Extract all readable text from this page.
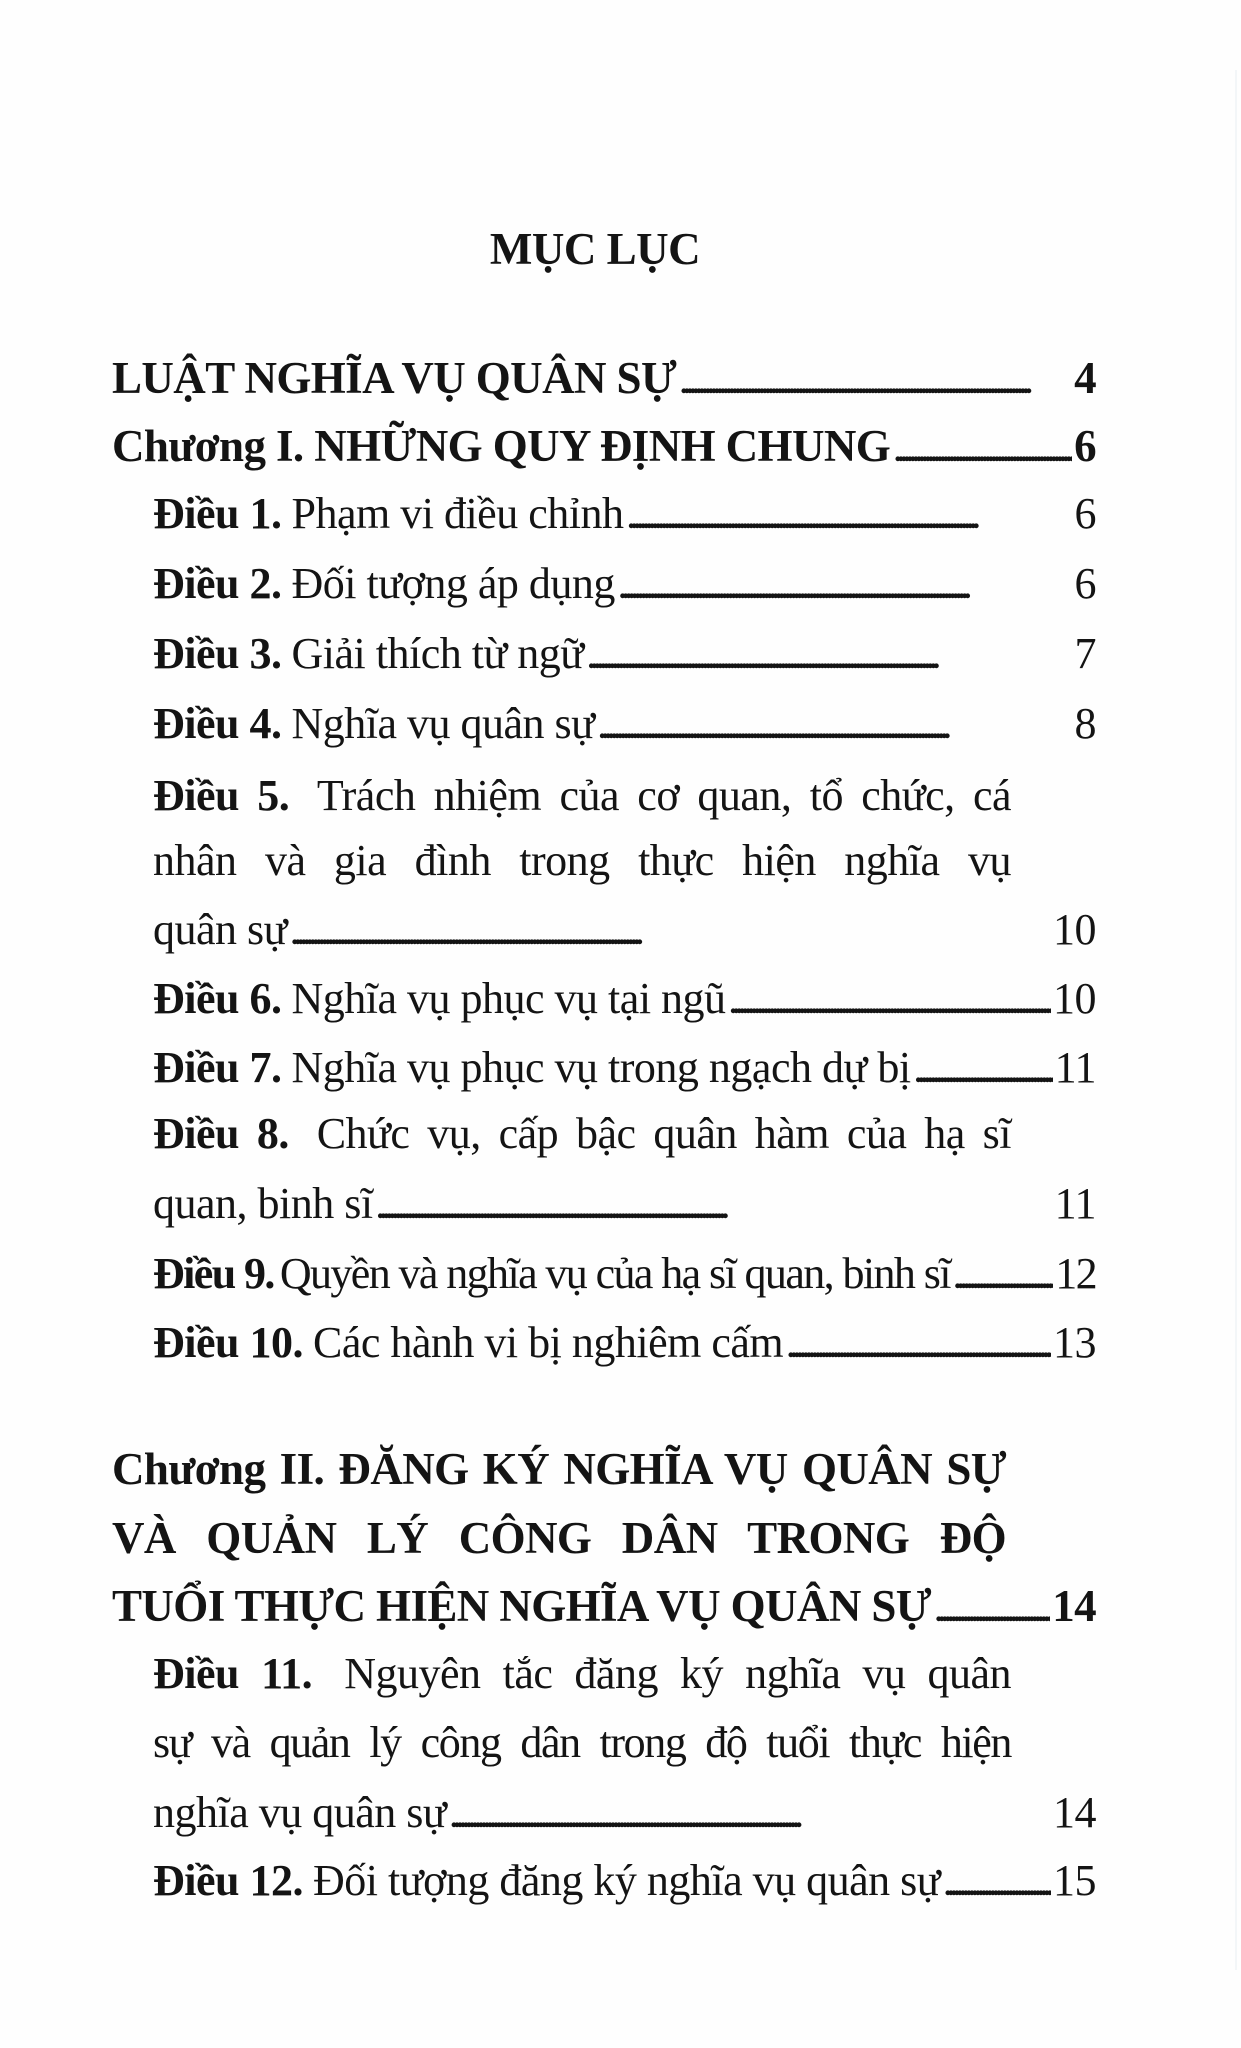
MỤC LỤC
LUẬT NGHĨA VỤ QUÂN SỰ . . .	4
Chương I. NHỮNG QUY ĐỊNH CHUNG . . .	6
Điều 1. Phạm vi điều chỉnh . . .	6
Điều 2. Đối tượng áp dụng . . .	6
Điều 3. Giải thích từ ngữ . . .	7
Điều 4. Nghĩa vụ quân sự . . .	8
Điều 5. Trách nhiệm của cơ quan, tổ chức, cá
nhân và gia đình trong thực hiện nghĩa vụ
quân sự . . .	10
Điều 6. Nghĩa vụ phục vụ tại ngũ . . .	10
Điều 7. Nghĩa vụ phục vụ trong ngạch dự bị . . .	11
Điều 8. Chức vụ, cấp bậc quân hàm của hạ sĩ
quan, binh sĩ . . .	11
Điều 9. Quyền và nghĩa vụ của hạ sĩ quan, binh sĩ . . . 12
Điều 10. Các hành vi bị nghiêm cấm . . .	13
Chương II. ĐĂNG KÝ NGHĨA VỤ QUÂN SỰ
VÀ QUẢN LÝ CÔNG DÂN TRONG ĐỘ
TUỔI THỰC HIỆN NGHĨA VỤ QUÂN SỰ . . .	14
Điều 11. Nguyên tắc đăng ký nghĩa vụ quân
sự và quản lý công dân trong độ tuổi thực hiện
nghĩa vụ quân sự . . .	14
Điều 12. Đối tượng đăng ký nghĩa vụ quân sự . . .	15
